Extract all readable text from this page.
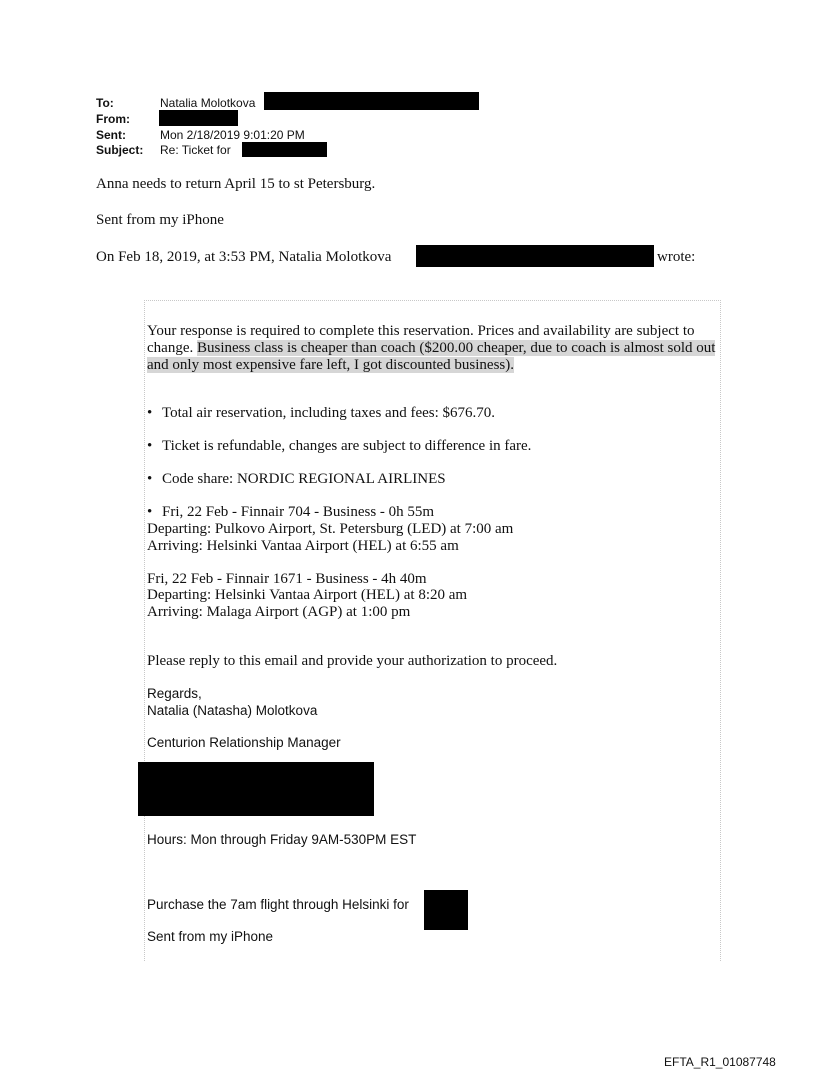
To:	Natalia Molotkova
From:
Sent:	Mon 2/18/2019 9:01:20 PM
Subject: Re: Ticket for
Anna needs to return April 15 to st Petersburg.
Sent from my iPhone
On Feb 18, 2019, at 3:53 PM, Natalia Molotkova	wrote:
Your response is required to complete this reservation. Prices and availability are subject to change. Business class is cheaper than coach ($200.00 cheaper, due to coach is almost sold out and only most expensive fare left, I got discounted business).
• Total air reservation, including taxes and fees: $676.70.
• Ticket is refundable, changes are subject to difference in fare.
• Code share: NORDIC REGIONAL AIRLINES
• Fri, 22 Feb - Finnair 704 - Business - 0h 55m
Departing: Pulkovo Airport, St. Petersburg (LED) at 7:00 am
Arriving: Helsinki Vantaa Airport (HEL) at 6:55 am
Fri, 22 Feb - Finnair 1671 - Business - 4h 40m
Departing: Helsinki Vantaa Airport (HEL) at 8:20 am
Arriving: Malaga Airport (AGP) at 1:00 pm
Please reply to this email and provide your authorization to proceed.
Regards,
Natalia (Natasha) Molotkova
Centurion Relationship Manager
Hours: Mon through Friday 9AM-530PM EST
Purchase the 7am flight through Helsinki for
Sent from my iPhone
EFTA_R1_01087748
